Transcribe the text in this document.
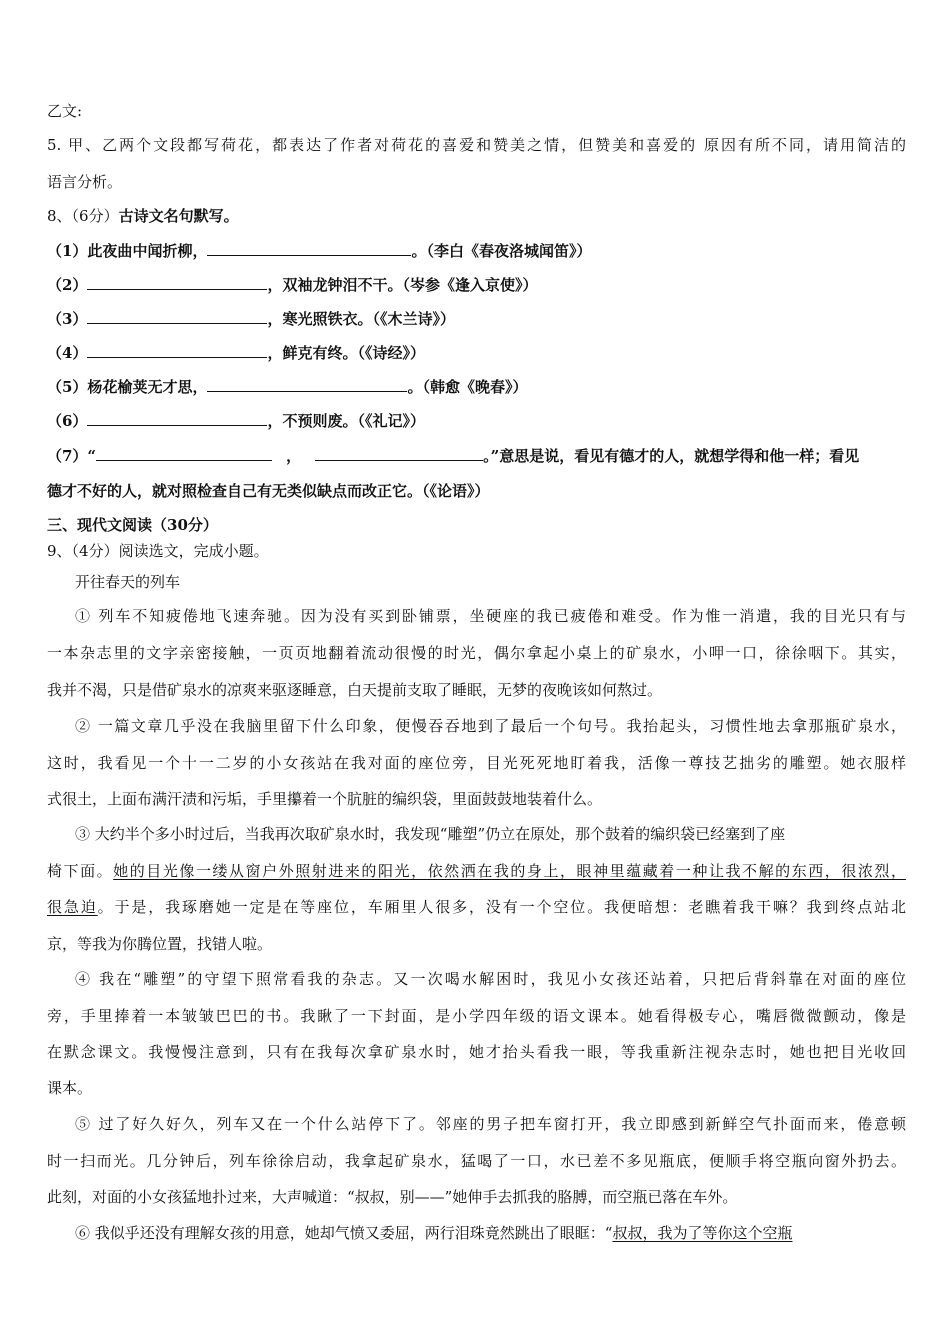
乙文:
5. 甲、乙两个文段都写荷花，都表达了作者对荷花的喜爱和赞美之情，但赞美和喜爱的 原因有所不同，请用简洁的
语言分析。
8、（6分）古诗文名句默写。
（1）此夜曲中闻折柳，	。（李白《春夜洛城闻笛》）
（2）	，双袖龙钟泪不干。（岑参《逢入京使》）
（3）	，寒光照铁衣。（《木兰诗》）
（4）	，鲜克有终。（《诗经》）
（5）杨花榆荚无才思，	。（韩愈《晚春》）
（6）	，不预则废。（《礼记》）
（7）“	，	。”意思是说，看见有德才的人，就想学得和他一样；看见
德才不好的人，就对照检查自己有无类似缺点而改正它。（《论语》）
三、现代文阅读（30分）
9、（4分）阅读选文，完成小题。
开往春天的列车
① 列车不知疲倦地飞速奔驰。因为没有买到卧铺票，坐硬座的我已疲倦和难受。作为惟一消遣，我的目光只有与
一本杂志里的文字亲密接触，一页页地翻着流动很慢的时光，偶尔拿起小桌上的矿泉水，小呷一口，徐徐咽下。其实，
我并不渴，只是借矿泉水的凉爽来驱逐睡意，白天提前支取了睡眠，无梦的夜晚该如何熬过。
② 一篇文章几乎没在我脑里留下什么印象，便慢吞吞地到了最后一个句号。我抬起头，习惯性地去拿那瓶矿泉水，
这时，我看见一个十一二岁的小女孩站在我对面的座位旁，目光死死地盯着我，活像一尊技艺拙劣的雕塑。她衣服样
式很土，上面布满汗渍和污垢，手里攥着一个肮脏的编织袋，里面鼓鼓地装着什么。
③ 大约半个多小时过后，当我再次取矿泉水时，我发现“雕塑”仍立在原处，那个鼓着的编织袋已经塞到了座
椅下面。她的目光像一缕从窗户外照射进来的阳光，依然洒在我的身上，眼神里蕴藏着一种让我不解的东西，很浓烈，
很急迫。于是，我琢磨她一定是在等座位，车厢里人很多，没有一个空位。我便暗想：老瞧着我干嘛？我到终点站北
京，等我为你腾位置，找错人啦。
④ 我在“雕塑”的守望下照常看我的杂志。又一次喝水解困时，我见小女孩还站着，只把后背斜靠在对面的座位
旁，手里捧着一本皱皱巴巴的书。我瞅了一下封面，是小学四年级的语文课本。她看得极专心，嘴唇微微颤动，像是
在默念课文。我慢慢注意到，只有在我每次拿矿泉水时，她才抬头看我一眼，等我重新注视杂志时，她也把目光收回
课本。
⑤ 过了好久好久，列车又在一个什么站停下了。邻座的男子把车窗打开，我立即感到新鲜空气扑面而来，倦意顿
时一扫而光。几分钟后，列车徐徐启动，我拿起矿泉水，猛喝了一口，水已差不多见瓶底，便顺手将空瓶向窗外扔去。
此刻，对面的小女孩猛地扑过来，大声喊道：“叔叔，别——”她伸手去抓我的胳膊，而空瓶已落在车外。
⑥ 我似乎还没有理解女孩的用意，她却气愤又委屈，两行泪珠竟然跳出了眼眶：“叔叔，我为了等你这个空瓶
